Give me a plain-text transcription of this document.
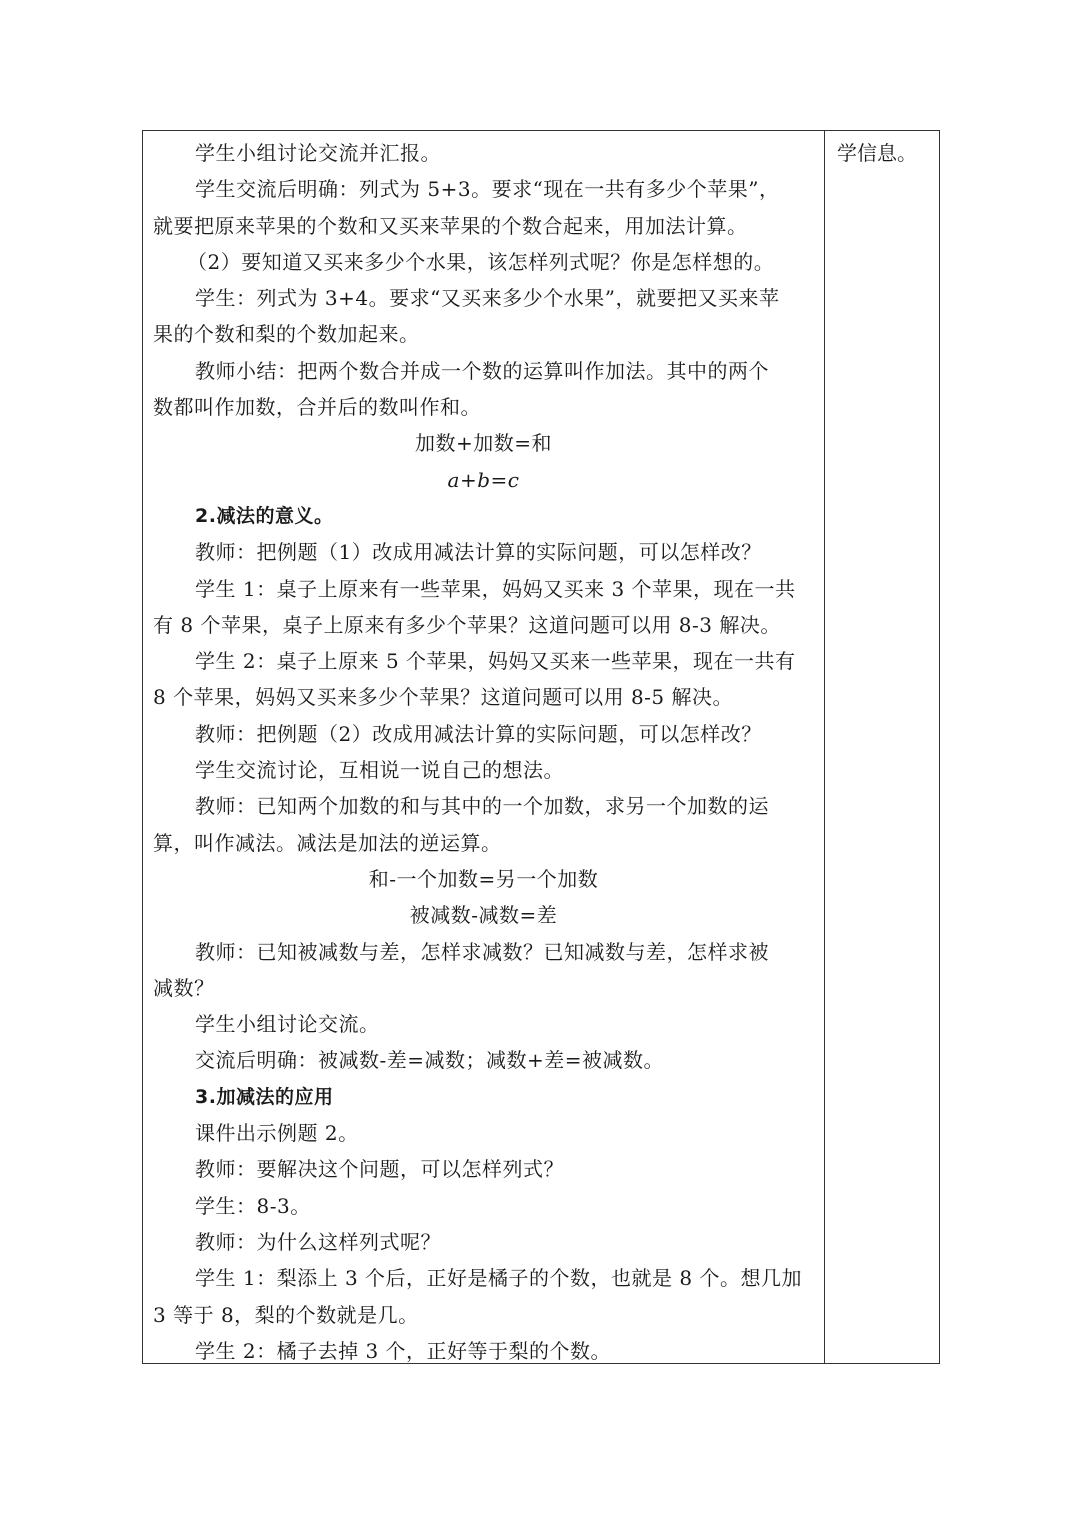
学生小组讨论交流并汇报。
学生交流后明确：列式为 5+3。要求“现在一共有多少个苹果”，
就要把原来苹果的个数和又买来苹果的个数合起来，用加法计算。
（2）要知道又买来多少个水果，该怎样列式呢？你是怎样想的。
学生：列式为 3+4。要求“又买来多少个水果”，就要把又买来苹
果的个数和梨的个数加起来。
教师小结：把两个数合并成一个数的运算叫作加法。其中的两个
数都叫作加数，合并后的数叫作和。
加数+加数=和
a+b=c
2.减法的意义。
教师：把例题（1）改成用减法计算的实际问题，可以怎样改？
学生 1：桌子上原来有一些苹果，妈妈又买来 3 个苹果，现在一共
有 8 个苹果，桌子上原来有多少个苹果？这道问题可以用 8-3 解决。
学生 2：桌子上原来 5 个苹果，妈妈又买来一些苹果，现在一共有
8 个苹果，妈妈又买来多少个苹果？这道问题可以用 8-5 解决。
教师：把例题（2）改成用减法计算的实际问题，可以怎样改？
学生交流讨论，互相说一说自己的想法。
教师：已知两个加数的和与其中的一个加数，求另一个加数的运
算，叫作减法。减法是加法的逆运算。
和-一个加数=另一个加数
被减数-减数=差
教师：已知被减数与差，怎样求减数？已知减数与差，怎样求被
减数？
学生小组讨论交流。
交流后明确：被减数-差=减数；减数+差=被减数。
3.加减法的应用
课件出示例题 2。
教师：要解决这个问题，可以怎样列式？
学生：8-3。
教师：为什么这样列式呢？
学生 1：梨添上 3 个后，正好是橘子的个数，也就是 8 个。想几加
3 等于 8，梨的个数就是几。
学生 2：橘子去掉 3 个，正好等于梨的个数。
学信息。
